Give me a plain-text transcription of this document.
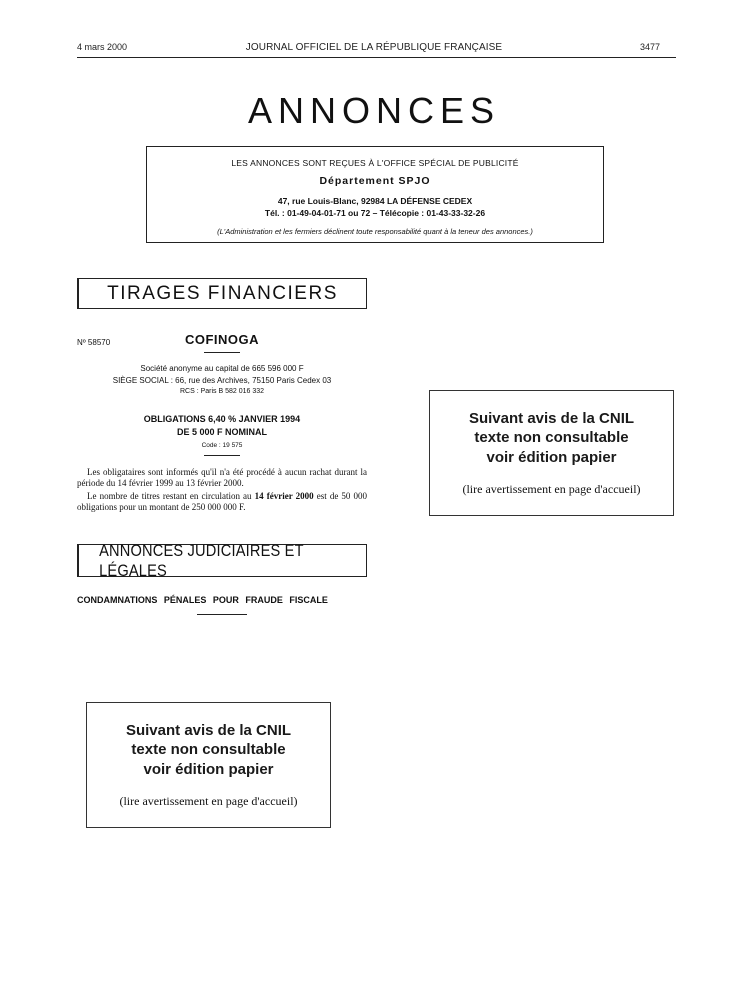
4 mars 2000	JOURNAL OFFICIEL DE LA RÉPUBLIQUE FRANÇAISE	3477
ANNONCES
LES ANNONCES SONT REÇUES À L'OFFICE SPÉCIAL DE PUBLICITÉ
Département SPJO
47, rue Louis-Blanc, 92984 LA DÉFENSE CEDEX
Tél. : 01-49-04-01-71 ou 72 – Télécopie : 01-43-33-32-26
(L'Administration et les fermiers déclinent toute responsabilité quant à la teneur des annonces.)
TIRAGES FINANCIERS
Nº 58570	COFINOGA
Société anonyme au capital de 665 596 000 F
SIÈGE SOCIAL : 66, rue des Archives, 75150 Paris Cedex 03
RCS : Paris B 582 016 332
OBLIGATIONS 6,40 % JANVIER 1994
DE 5 000 F NOMINAL
Code : 19 575
Les obligataires sont informés qu'il n'a été procédé à aucun rachat durant la période du 14 février 1999 au 13 février 2000.
Le nombre de titres restant en circulation au 14 février 2000 est de 50 000 obligations pour un montant de 250 000 000 F.
ANNONCES JUDICIAIRES ET LÉGALES
CONDAMNATIONS PÉNALES POUR FRAUDE FISCALE
Suivant avis de la CNIL
texte non consultable
voir édition papier
(lire avertissement en page d'accueil)
Suivant avis de la CNIL
texte non consultable
voir édition papier
(lire avertissement en page d'accueil)
